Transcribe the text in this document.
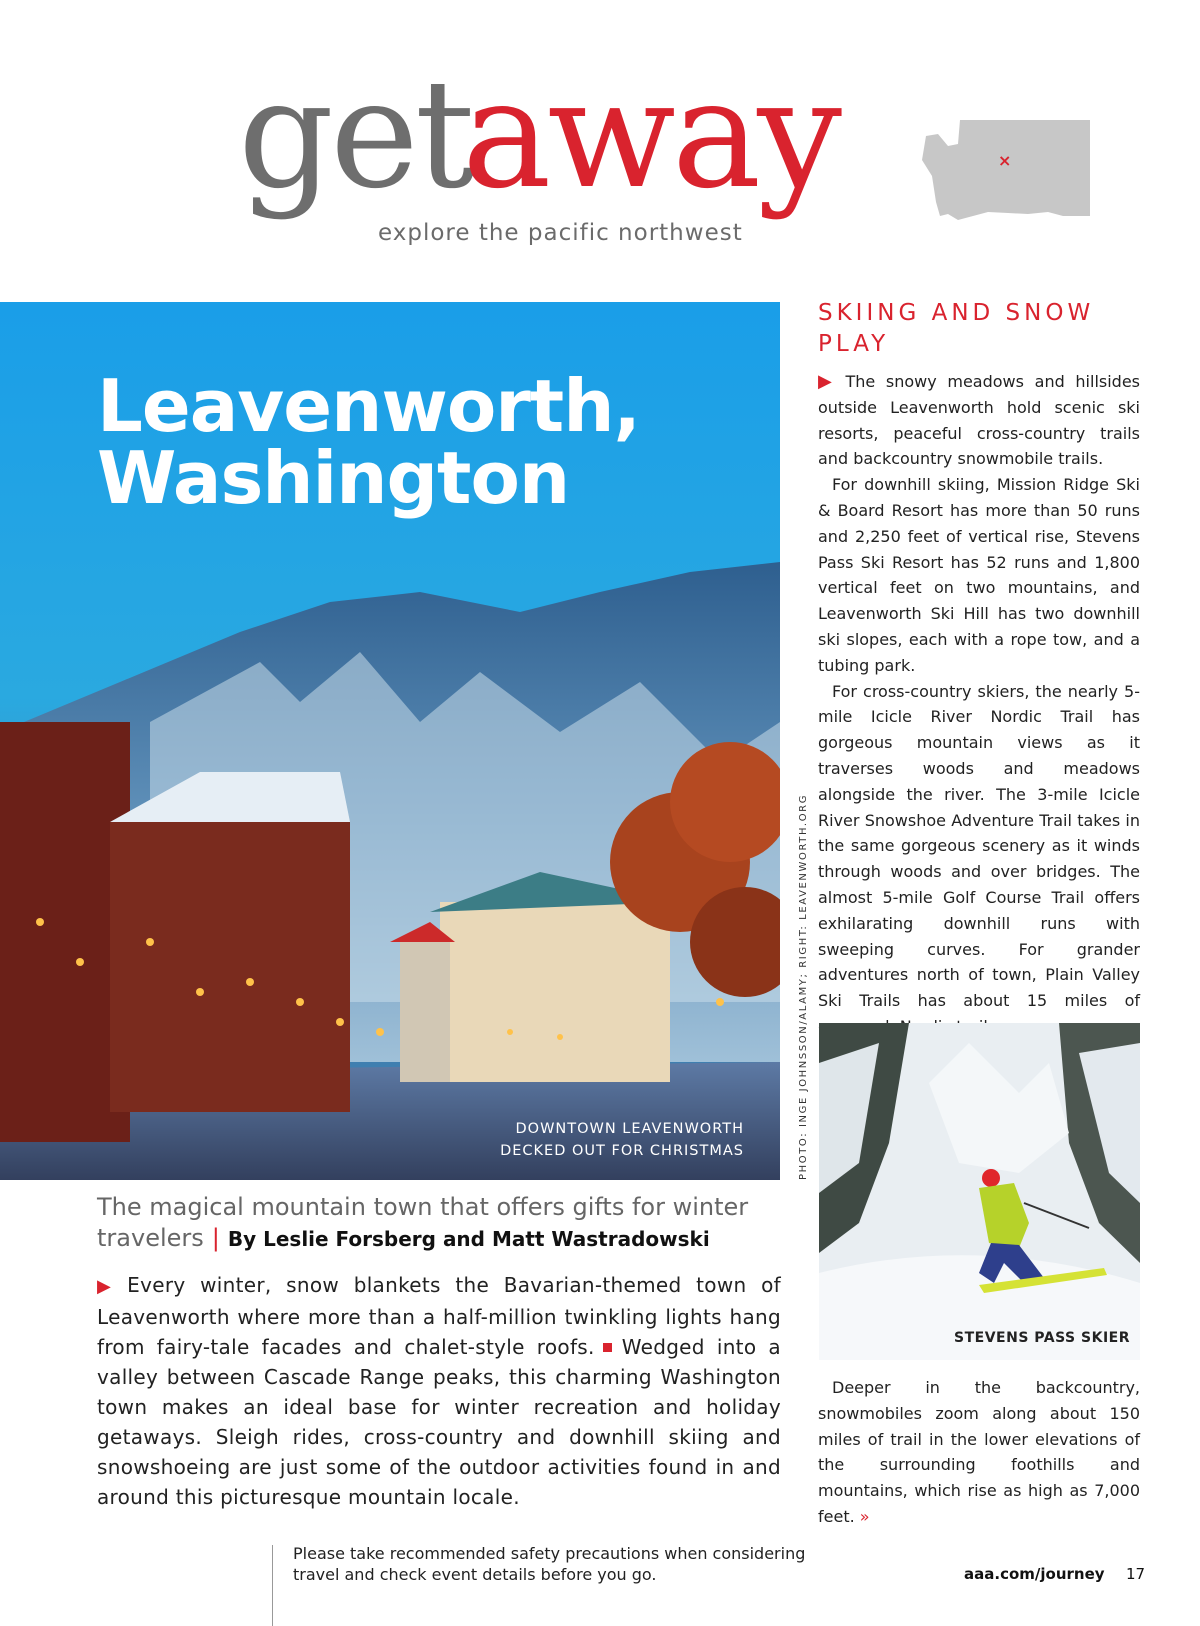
get
away
explore the pacific northwest
×
Leavenworth,
Washington
DOWNTOWN LEAVENWORTH
DECKED OUT FOR CHRISTMAS	PHOTO: INGE JOHNSSON/ALAMY; RIGHT: LEAVENWORTH.ORG
The magical mountain town that offers gifts for winter travelers | By Leslie Forsberg and Matt Wastradowski
▶ Every winter, snow blankets the Bavarian-themed town of Leavenworth where more than a half-million twinkling lights hang from fairy-tale facades and chalet-style roofs. Wedged into a valley between Cascade Range peaks, this charming Washington town makes an ideal base for winter recreation and holiday getaways. Sleigh rides, cross-country and downhill skiing and snowshoeing are just some of the outdoor activities found in and around this picturesque mountain locale.
SKIING AND SNOW PLAY

▶ The snowy meadows and hillsides outside Leavenworth hold scenic ski resorts, peaceful cross-country trails and backcountry snowmobile trails.

For downhill skiing, Mission Ridge Ski & Board Resort has more than 50 runs and 2,250 feet of vertical rise, Stevens Pass Ski Resort has 52 runs and 1,800 vertical feet on two mountains, and Leavenworth Ski Hill has two downhill ski slopes, each with a rope tow, and a tubing park.

For cross-country skiers, the nearly 5-mile Icicle River Nordic Trail has gorgeous mountain views as it traverses woods and meadows alongside the river. The 3-mile Icicle River Snowshoe Adventure Trail takes in the same gorgeous scenery as it winds through woods and over bridges. The almost 5-mile Golf Course Trail offers exhilarating downhill runs with sweeping curves. For grander adventures north of town, Plain Valley Ski Trails has about 15 miles of

STEVENS PASS SKIER

Deeper in the backcountry, snowmobiles zoom along about 150 miles of trail in the lower elevations of the surrounding foothills and mountains, which rise as high as 7,000 feet. »

Please take recommended safety precautions when considering travel and check event details before you go.	aaa.com/journey 17
